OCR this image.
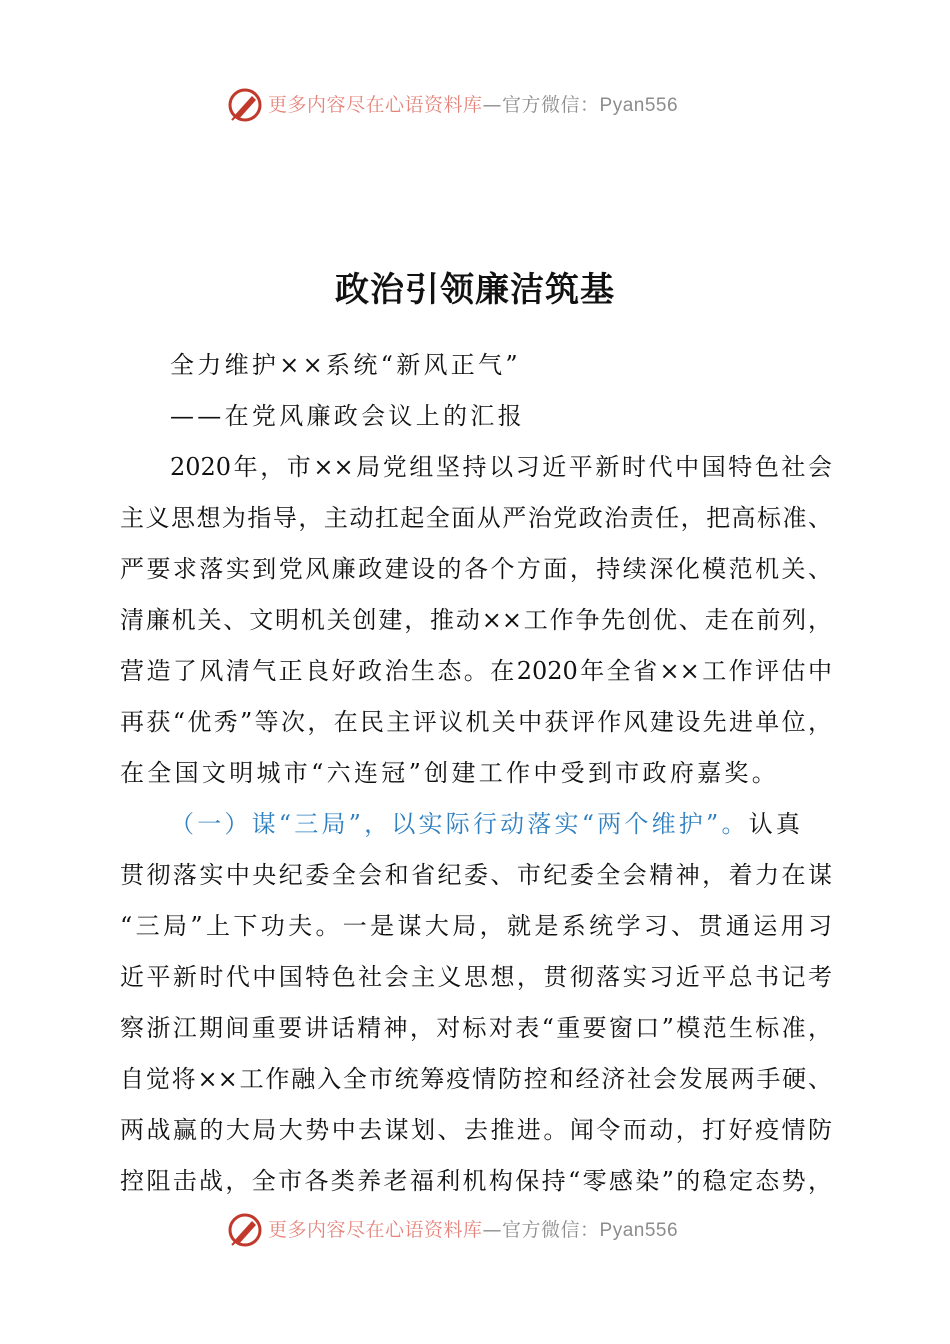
更多内容尽在心语资料库—官方微信：Pyan556
政治引领廉洁筑基
全力维护××系统“新风正气”
——在党风廉政会议上的汇报
2020年，市××局党组坚持以习近平新时代中国特色社会
主义思想为指导，主动扛起全面从严治党政治责任，把高标准、
严要求落实到党风廉政建设的各个方面，持续深化模范机关、
清廉机关、文明机关创建，推动××工作争先创优、走在前列，
营造了风清气正良好政治生态。在2020年全省××工作评估中
再获“优秀”等次，在民主评议机关中获评作风建设先进单位，
在全国文明城市“六连冠”创建工作中受到市政府嘉奖。
（一）谋“三局”，以实际行动落实“两个维护”。认真
贯彻落实中央纪委全会和省纪委、市纪委全会精神，着力在谋
“三局”上下功夫。一是谋大局，就是系统学习、贯通运用习
近平新时代中国特色社会主义思想，贯彻落实习近平总书记考
察浙江期间重要讲话精神，对标对表“重要窗口”模范生标准，
自觉将××工作融入全市统筹疫情防控和经济社会发展两手硬、
两战赢的大局大势中去谋划、去推进。闻令而动，打好疫情防
控阻击战，全市各类养老福利机构保持“零感染”的稳定态势，
更多内容尽在心语资料库—官方微信：Pyan556
